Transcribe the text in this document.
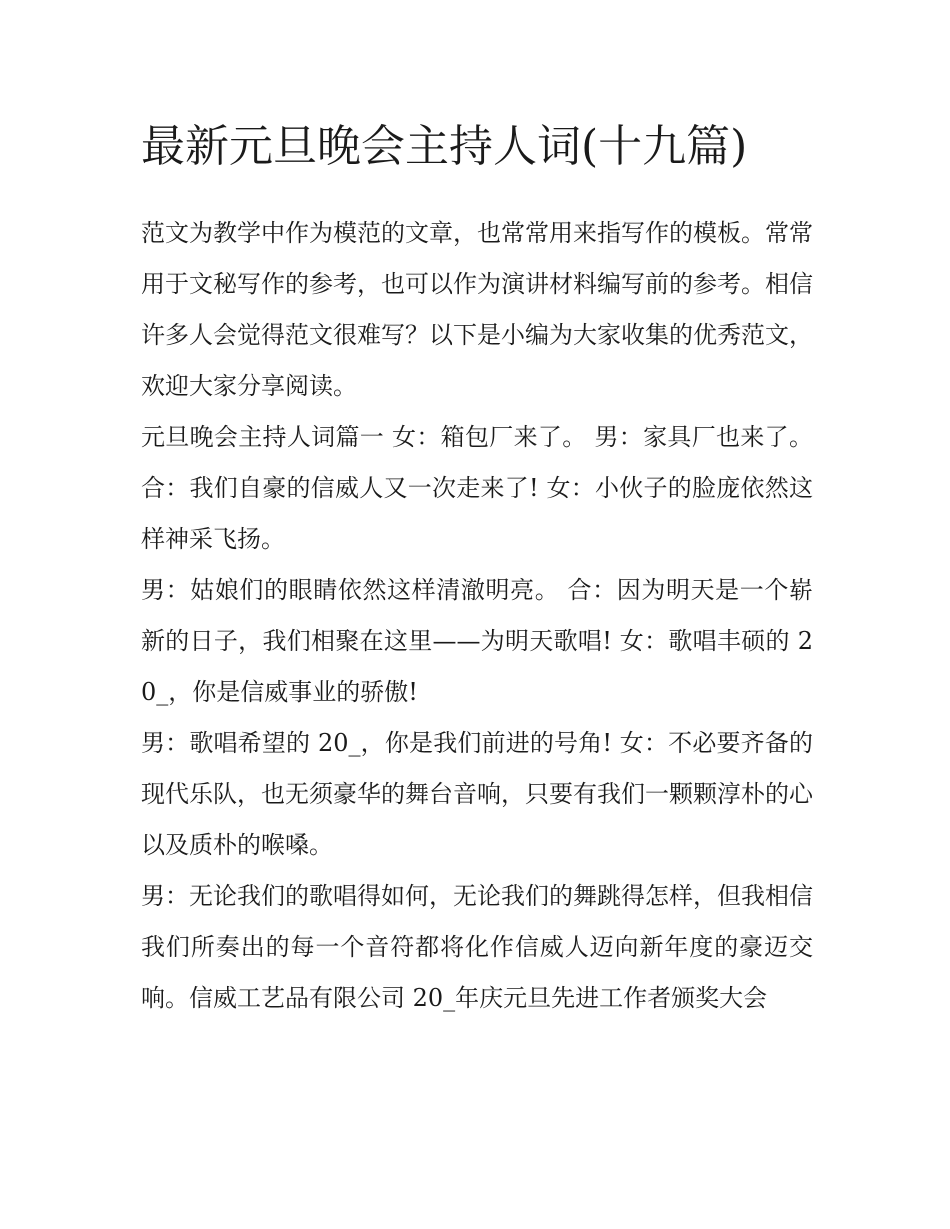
最新元旦晚会主持人词(十九篇)

范文为教学中作为模范的文章，也常常用来指写作的模板。常常用于文秘写作的参考，也可以作为演讲材料编写前的参考。相信许多人会觉得范文很难写？以下是小编为大家收集的优秀范文，欢迎大家分享阅读。

元旦晚会主持人词篇一 女：箱包厂来了。 男：家具厂也来了。 合：我们自豪的信威人又一次走来了! 女：小伙子的脸庞依然这样神采飞扬。

男：姑娘们的眼睛依然这样清澈明亮。 合：因为明天是一个崭新的日子，我们相聚在这里——为明天歌唱! 女：歌唱丰硕的 20_，你是信威事业的骄傲!

男：歌唱希望的 20_，你是我们前进的号角! 女：不必要齐备的现代乐队，也无须豪华的舞台音响，只要有我们一颗颗淳朴的心以及质朴的喉嗓。

男：无论我们的歌唱得如何，无论我们的舞跳得怎样，但我相信我们所奏出的每一个音符都将化作信威人迈向新年度的豪迈交响。信威工艺品有限公司 20_年庆元旦先进工作者颁奖大会
